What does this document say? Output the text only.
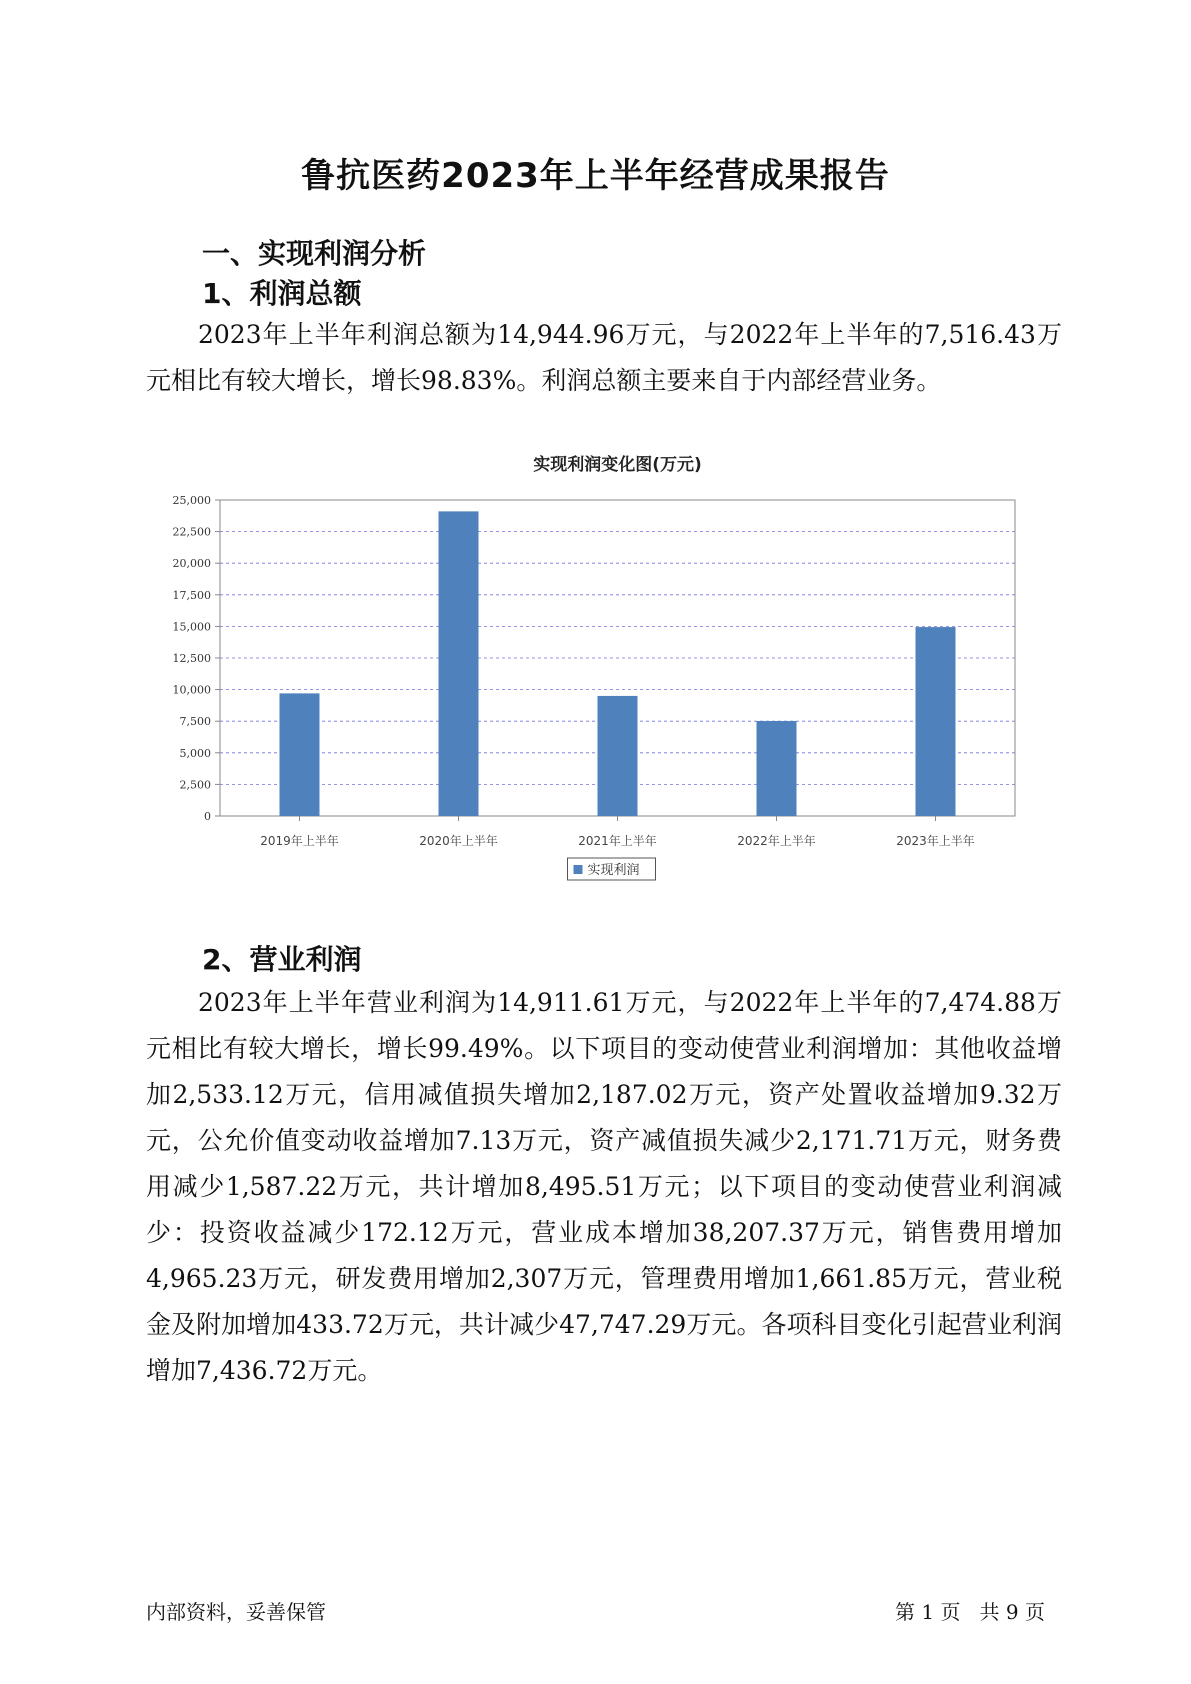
鲁抗医药2023年上半年经营成果报告
一、实现利润分析
1、利润总额
2023年上半年利润总额为14,944.96万元，与2022年上半年的7,516.43万元相比有较大增长，增长98.83%。利润总额主要来自于内部经营业务。
实现利润变化图(万元)
0
2,500
5,000
7,500
10,000
12,500
15,000
17,500
20,000
22,500
25,000
2019年上半年	2020年上半年	2021年上半年	2022年上半年	2023年上半年
实现利润
2、营业利润
2023年上半年营业利润为14,911.61万元，与2022年上半年的7,474.88万元相比有较大增长，增长99.49%。以下项目的变动使营业利润增加：其他收益增加2,533.12万元，信用减值损失增加2,187.02万元，资产处置收益增加9.32万元，公允价值变动收益增加7.13万元，资产减值损失减少2,171.71万元，财务费用减少1,587.22万元，共计增加8,495.51万元；以下项目的变动使营业利润减少：投资收益减少172.12万元，营业成本增加38,207.37万元，销售费用增加4,965.23万元，研发费用增加2,307万元，管理费用增加1,661.85万元，营业税金及附加增加433.72万元，共计减少47,747.29万元。各项科目变化引起营业利润增加7,436.72万元。
内部资料，妥善保管	第 1 页   共 9 页
